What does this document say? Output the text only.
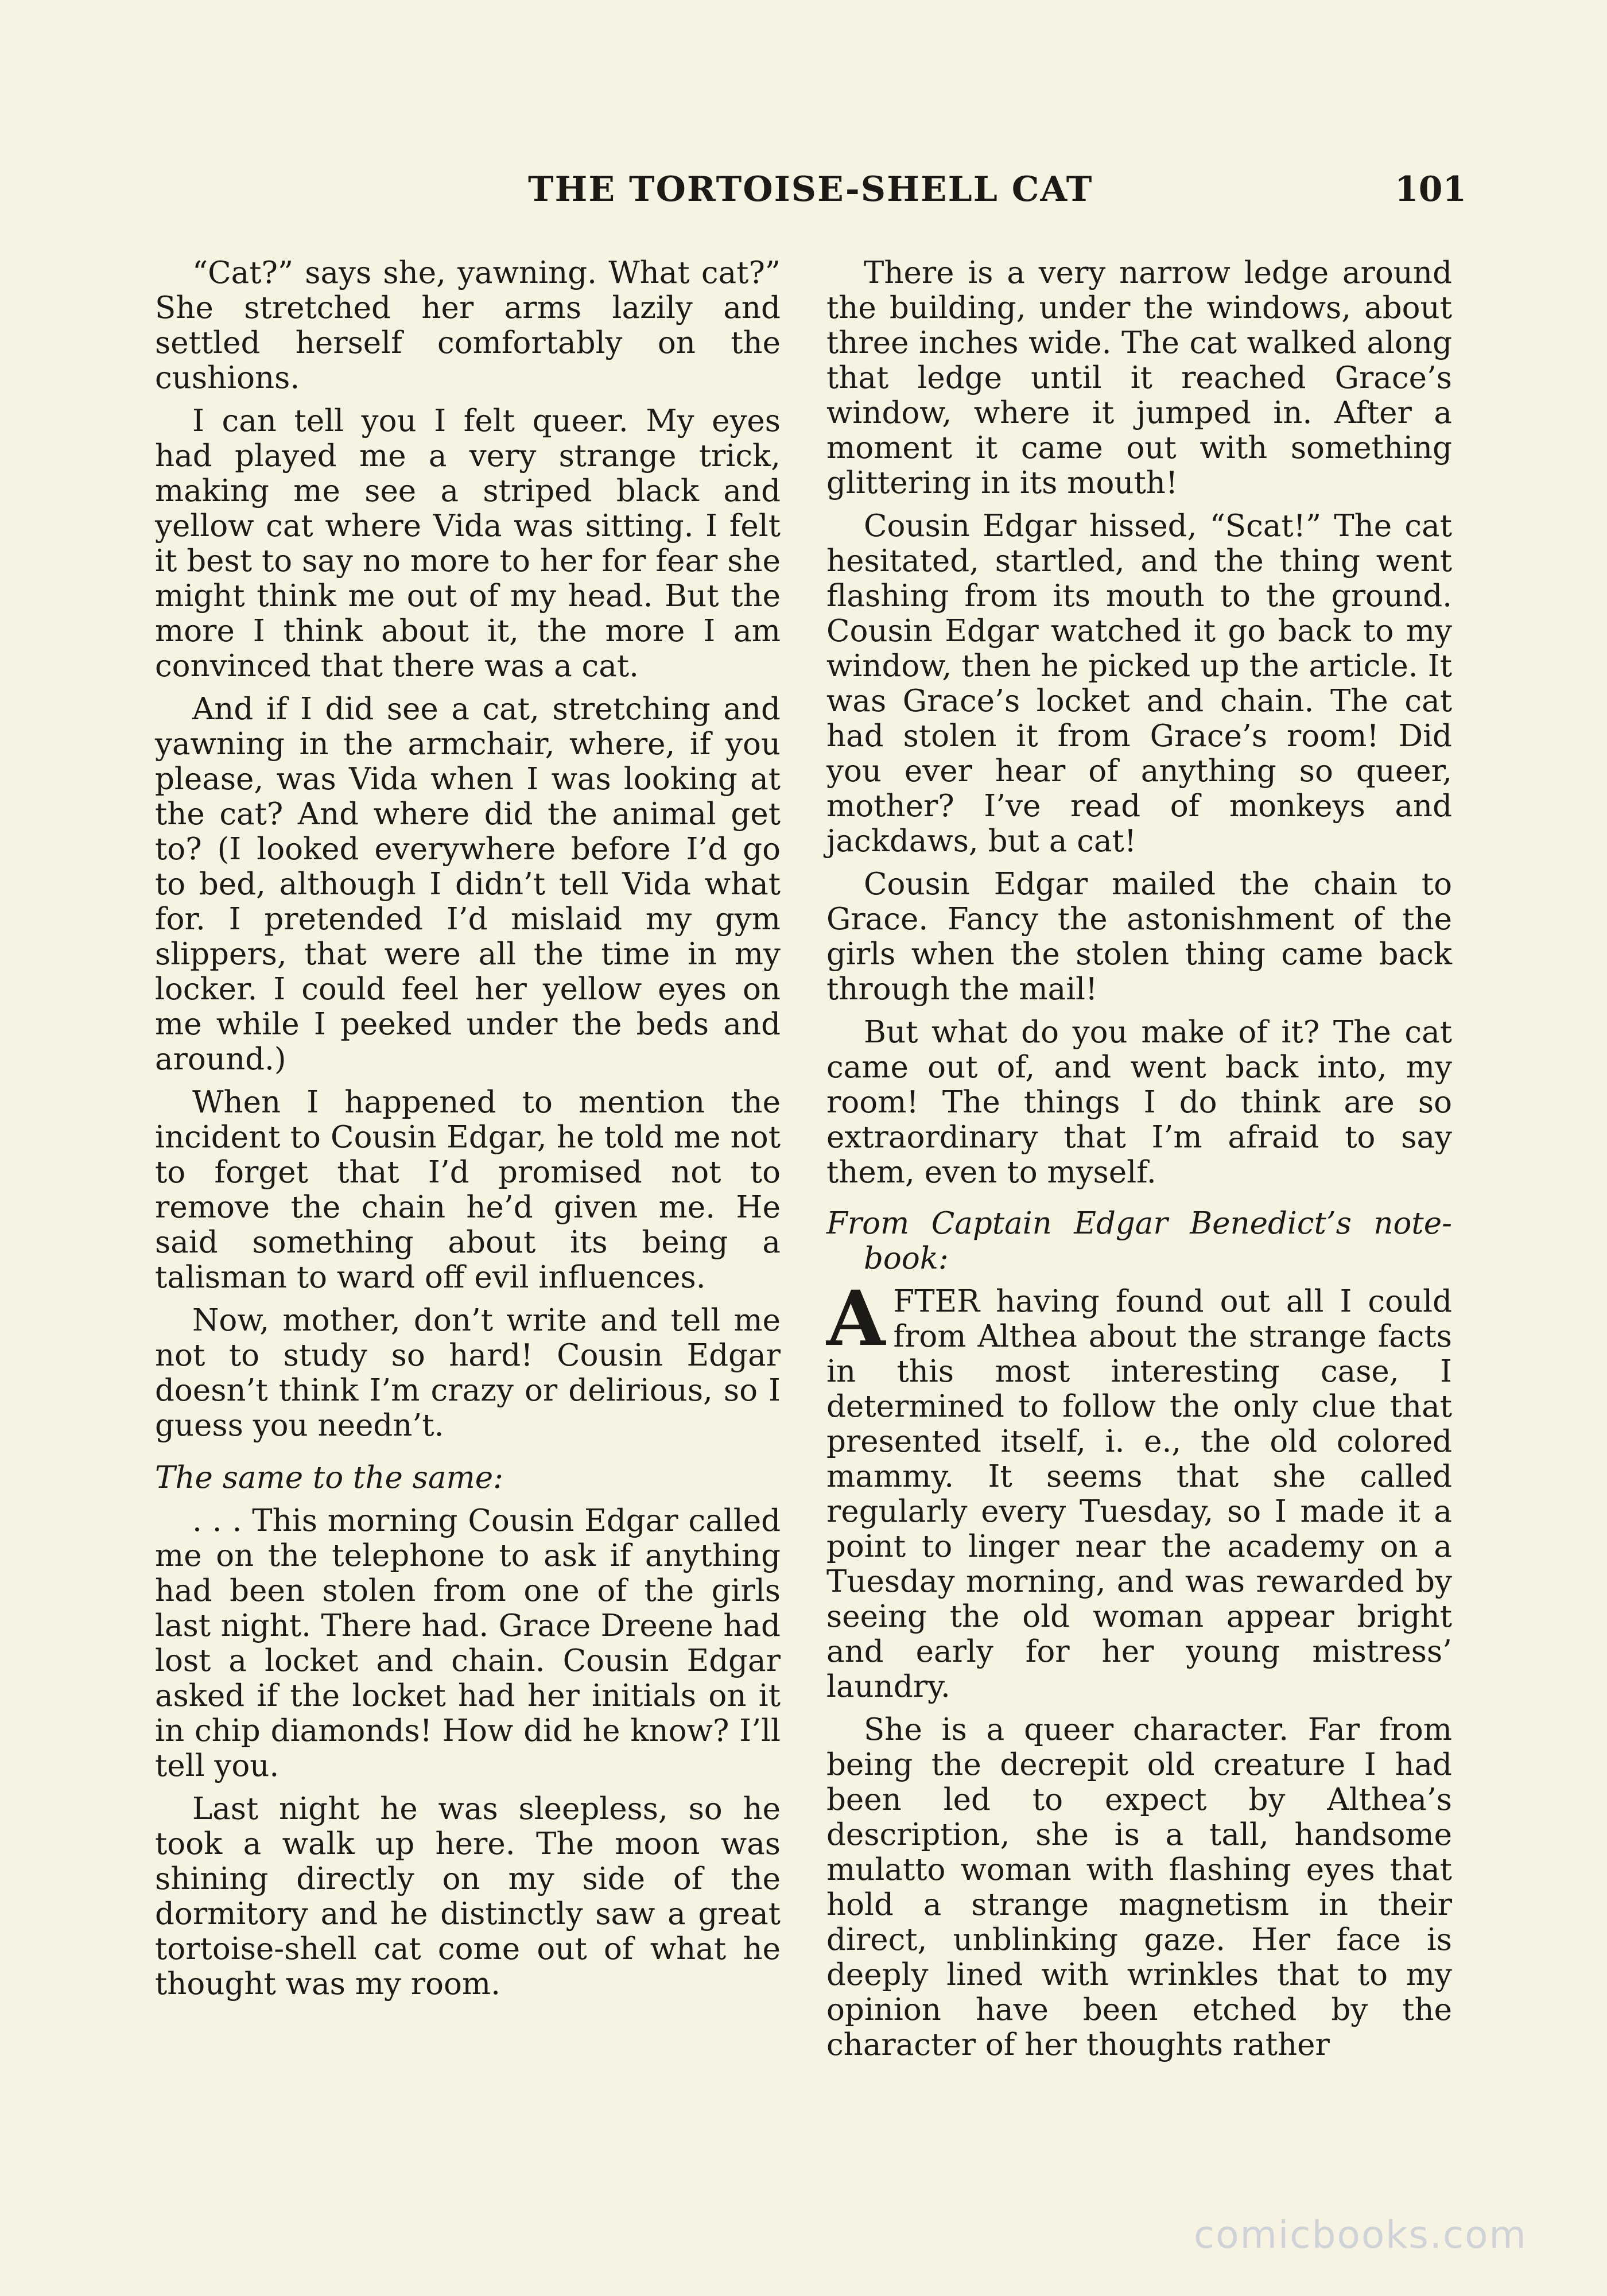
THE TORTOISE-SHELL CAT	101

“Cat?” says she, yawning. What cat?” She stretched her arms lazily and settled herself comfortably on the cushions.

I can tell you I felt queer. My eyes had played me a very strange trick, making me see a striped black and yellow cat where Vida was sitting. I felt it best to say no more to her for fear she might think me out of my head. But the more I think about it, the more I am convinced that there was a cat.

And if I did see a cat, stretching and yawning in the armchair, where, if you please, was Vida when I was looking at the cat? And where did the animal get to? (I looked everywhere before I’d go to bed, although I didn’t tell Vida what for. I pretended I’d mislaid my gym slippers, that were all the time in my locker. I could feel her yellow eyes on me while I peeked under the beds and around.)

When I happened to mention the incident to Cousin Edgar, he told me not to forget that I’d promised not to remove the chain he’d given me. He said something about its being a talisman to ward off evil influences.

Now, mother, don’t write and tell me not to study so hard! Cousin Edgar doesn’t think I’m crazy or delirious, so I guess you needn’t.

The same to the same:

. . . This morning Cousin Edgar called me on the telephone to ask if anything had been stolen from one of the girls last night. There had. Grace Dreene had lost a locket and chain. Cousin Edgar asked if the locket had her initials on it in chip diamonds! How did he know? I’ll tell you.

Last night he was sleepless, so he took a walk up here. The moon was shining directly on my side of the dormitory and he distinctly saw a great tortoise-shell cat come out of what he thought was my room.

There is a very narrow ledge around the building, under the windows, about three inches wide. The cat walked along that ledge until it reached Grace’s window, where it jumped in. After a moment it came out with something glittering in its mouth!

Cousin Edgar hissed, “Scat!” The cat hesitated, startled, and the thing went flashing from its mouth to the ground. Cousin Edgar watched it go back to my window, then he picked up the article. It was Grace’s locket and chain. The cat had stolen it from Grace’s room! Did you ever hear of anything so queer, mother? I’ve read of monkeys and jackdaws, but a cat!

Cousin Edgar mailed the chain to Grace. Fancy the astonishment of the girls when the stolen thing came back through the mail!

But what do you make of it? The cat came out of, and went back into, my room! The things I do think are so extraordinary that I’m afraid to say them, even to myself.

From Captain Edgar Benedict’s notebook:

AFTER having found out all I could from Althea about the strange facts in this most interesting case, I determined to follow the only clue that presented itself, i. e., the old colored mammy. It seems that she called regularly every Tuesday, so I made it a point to linger near the academy on a Tuesday morning, and was rewarded by seeing the old woman appear bright and early for her young mistress’ laundry.

She is a queer character. Far from being the decrepit old creature I had been led to expect by Althea’s description, she is a tall, handsome mulatto woman with flashing eyes that hold a strange magnetism in their direct, unblinking gaze. Her face is deeply lined with wrinkles that to my opinion have been etched by the character of her thoughts rather

comicbooks.com
